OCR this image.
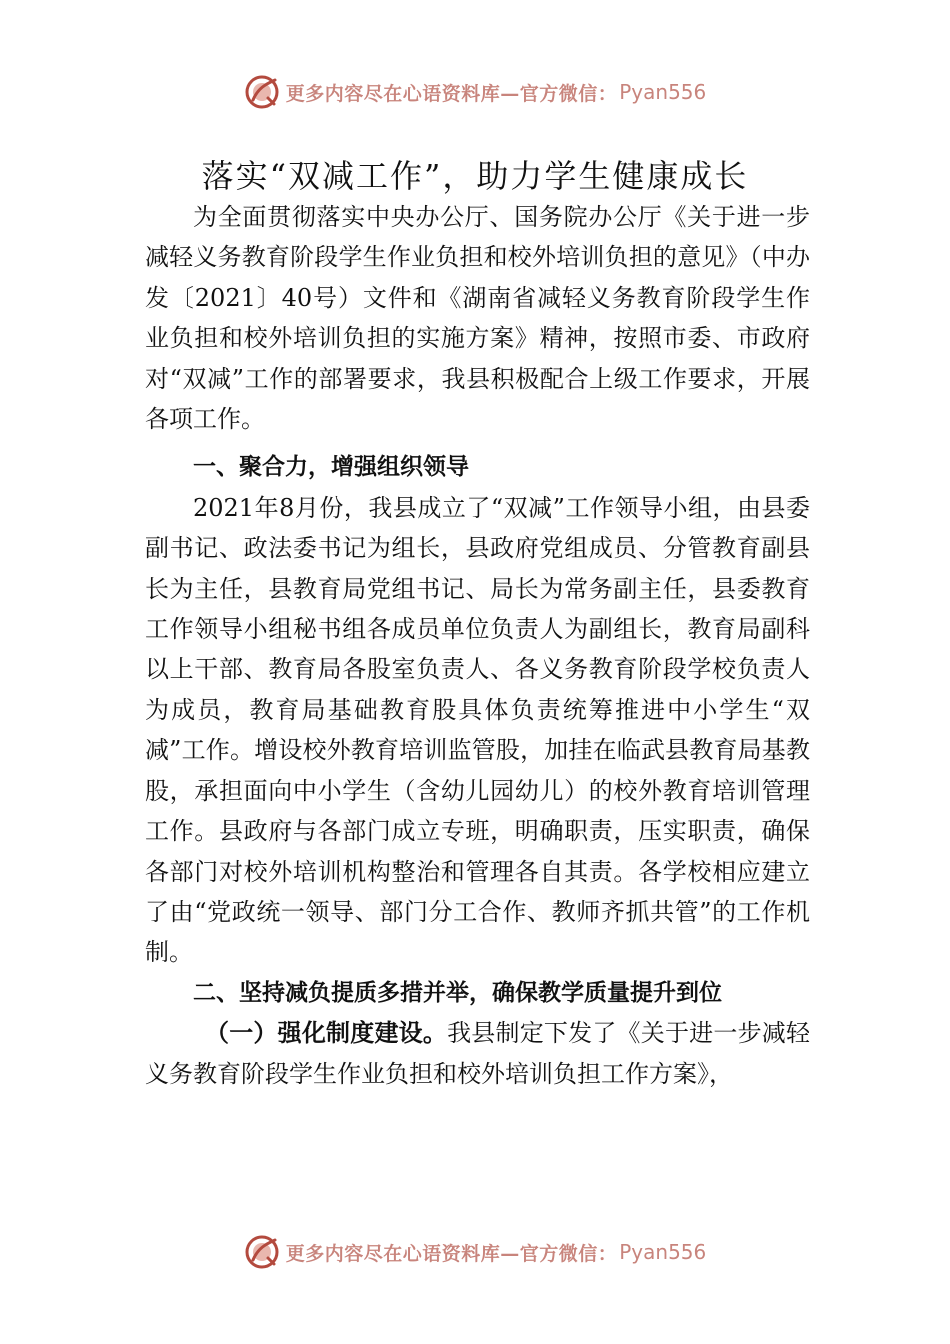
更多内容尽在心语资料库—官方微信： Pyan556
落实“双减工作”，助力学生健康成长

为全面贯彻落实中央办公厅、国务院办公厅《关于进一步减轻义务教育阶段学生作业负担和校外培训负担的意见》（中办发〔2021〕40号）文件和《湖南省减轻义务教育阶段学生作业负担和校外培训负担的实施方案》精神，按照市委、市政府对“双减”工作的部署要求，我县积极配合上级工作要求，开展各项工作。

一、聚合力，增强组织领导

2021年8月份，我县成立了“双减”工作领导小组，由县委副书记、政法委书记为组长，县政府党组成员、分管教育副县长为主任，县教育局党组书记、局长为常务副主任，县委教育工作领导小组秘书组各成员单位负责人为副组长，教育局副科以上干部、教育局各股室负责人、各义务教育阶段学校负责人为成员，教育局基础教育股具体负责统筹推进中小学生“双减”工作。增设校外教育培训监管股，加挂在临武县教育局基教股，承担面向中小学生（含幼儿园幼儿）的校外教育培训管理工作。县政府与各部门成立专班，明确职责，压实职责，确保各部门对校外培训机构整治和管理各自其责。各学校相应建立了由“党政统一领导、部门分工合作、教师齐抓共管”的工作机制。

二、坚持减负提质多措并举，确保教学质量提升到位

（一）强化制度建设。我县制定下发了《关于进一步减轻义务教育阶段学生作业负担和校外培训负担工作方案》，

更多内容尽在心语资料库—官方微信： Pyan556
